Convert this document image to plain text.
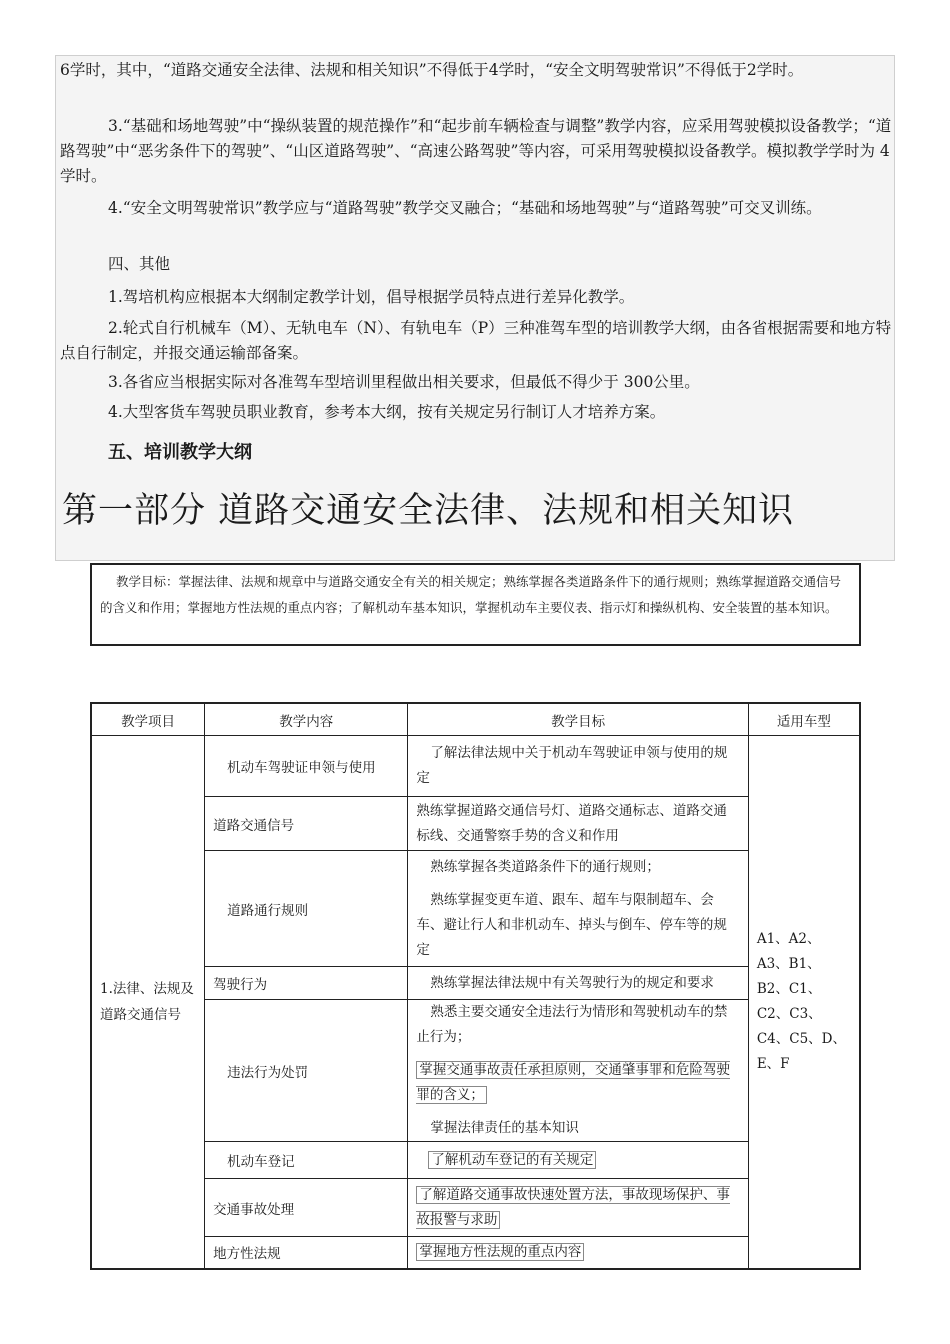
6学时，其中，“道路交通安全法律、法规和相关知识”不得低于4学时，“安全文明驾驶常识”不得低于2学时。

3.“基础和场地驾驶”中“操纵装置的规范操作”和“起步前车辆检查与调整”教学内容，应采用驾驶模拟设备教学；“道路驾驶”中“恶劣条件下的驾驶”、“山区道路驾驶”、“高速公路驾驶”等内容，可采用驾驶模拟设备教学。模拟教学学时为 4学时。

4.“安全文明驾驶常识”教学应与“道路驾驶”教学交叉融合；“基础和场地驾驶”与“道路驾驶”可交叉训练。

四、其他

1.驾培机构应根据本大纲制定教学计划，倡导根据学员特点进行差异化教学。

2.轮式自行机械车（M）、无轨电车（N）、有轨电车（P）三种准驾车型的培训教学大纲，由各省根据需要和地方特点自行制定，并报交通运输部备案。

3.各省应当根据实际对各准驾车型培训里程做出相关要求，但最低不得少于 300公里。

4.大型客货车驾驶员职业教育，参考本大纲，按有关规定另行制订人才培养方案。

五、培训教学大纲

第一部分 道路交通安全法律、法规和相关知识

教学目标：掌握法律、法规和规章中与道路交通安全有关的相关规定；熟练掌握各类道路条件下的通行规则；熟练掌握道路交通信号的含义和作用；掌握地方性法规的重点内容；了解机动车基本知识，掌握机动车主要仪表、指示灯和操纵机构、安全装置的基本知识。
教学项目	教学内容	教学目标	适用车型
1.法律、法规及道路交通信号	机动车驾驶证申领与使用	了解法律法规中关于机动车驾驶证申领与使用的规定	A1、A2、A3、B1、B2、C1、C2、C3、C4、C5、D、E、F
	道路交通信号	熟练掌握道路交通信号灯、道路交通标志、道路交通标线、交通警察手势的含义和作用	

	道路通行规则	熟练掌握各类道路条件下的通行规则；

熟练掌握变更车道、跟车、超车与限制超车、会车、避让行人和非机动车、掉头与倒车、停车等的规定	

	驾驶行为	熟练掌握法律法规中有关驾驶行为的规定和要求	

	违法行为处罚	熟悉主要交通安全违法行为情形和驾驶机动车的禁止行为；

掌握交通事故责任承担原则，交通肇事罪和危险驾驶罪的含义；

掌握法律责任的基本知识	

	机动车登记	了解机动车登记的有关规定	

	交通事故处理	了解道路交通事故快速处置方法，事故现场保护、事故报警与求助	

	地方性法规	掌握地方性法规的重点内容	
